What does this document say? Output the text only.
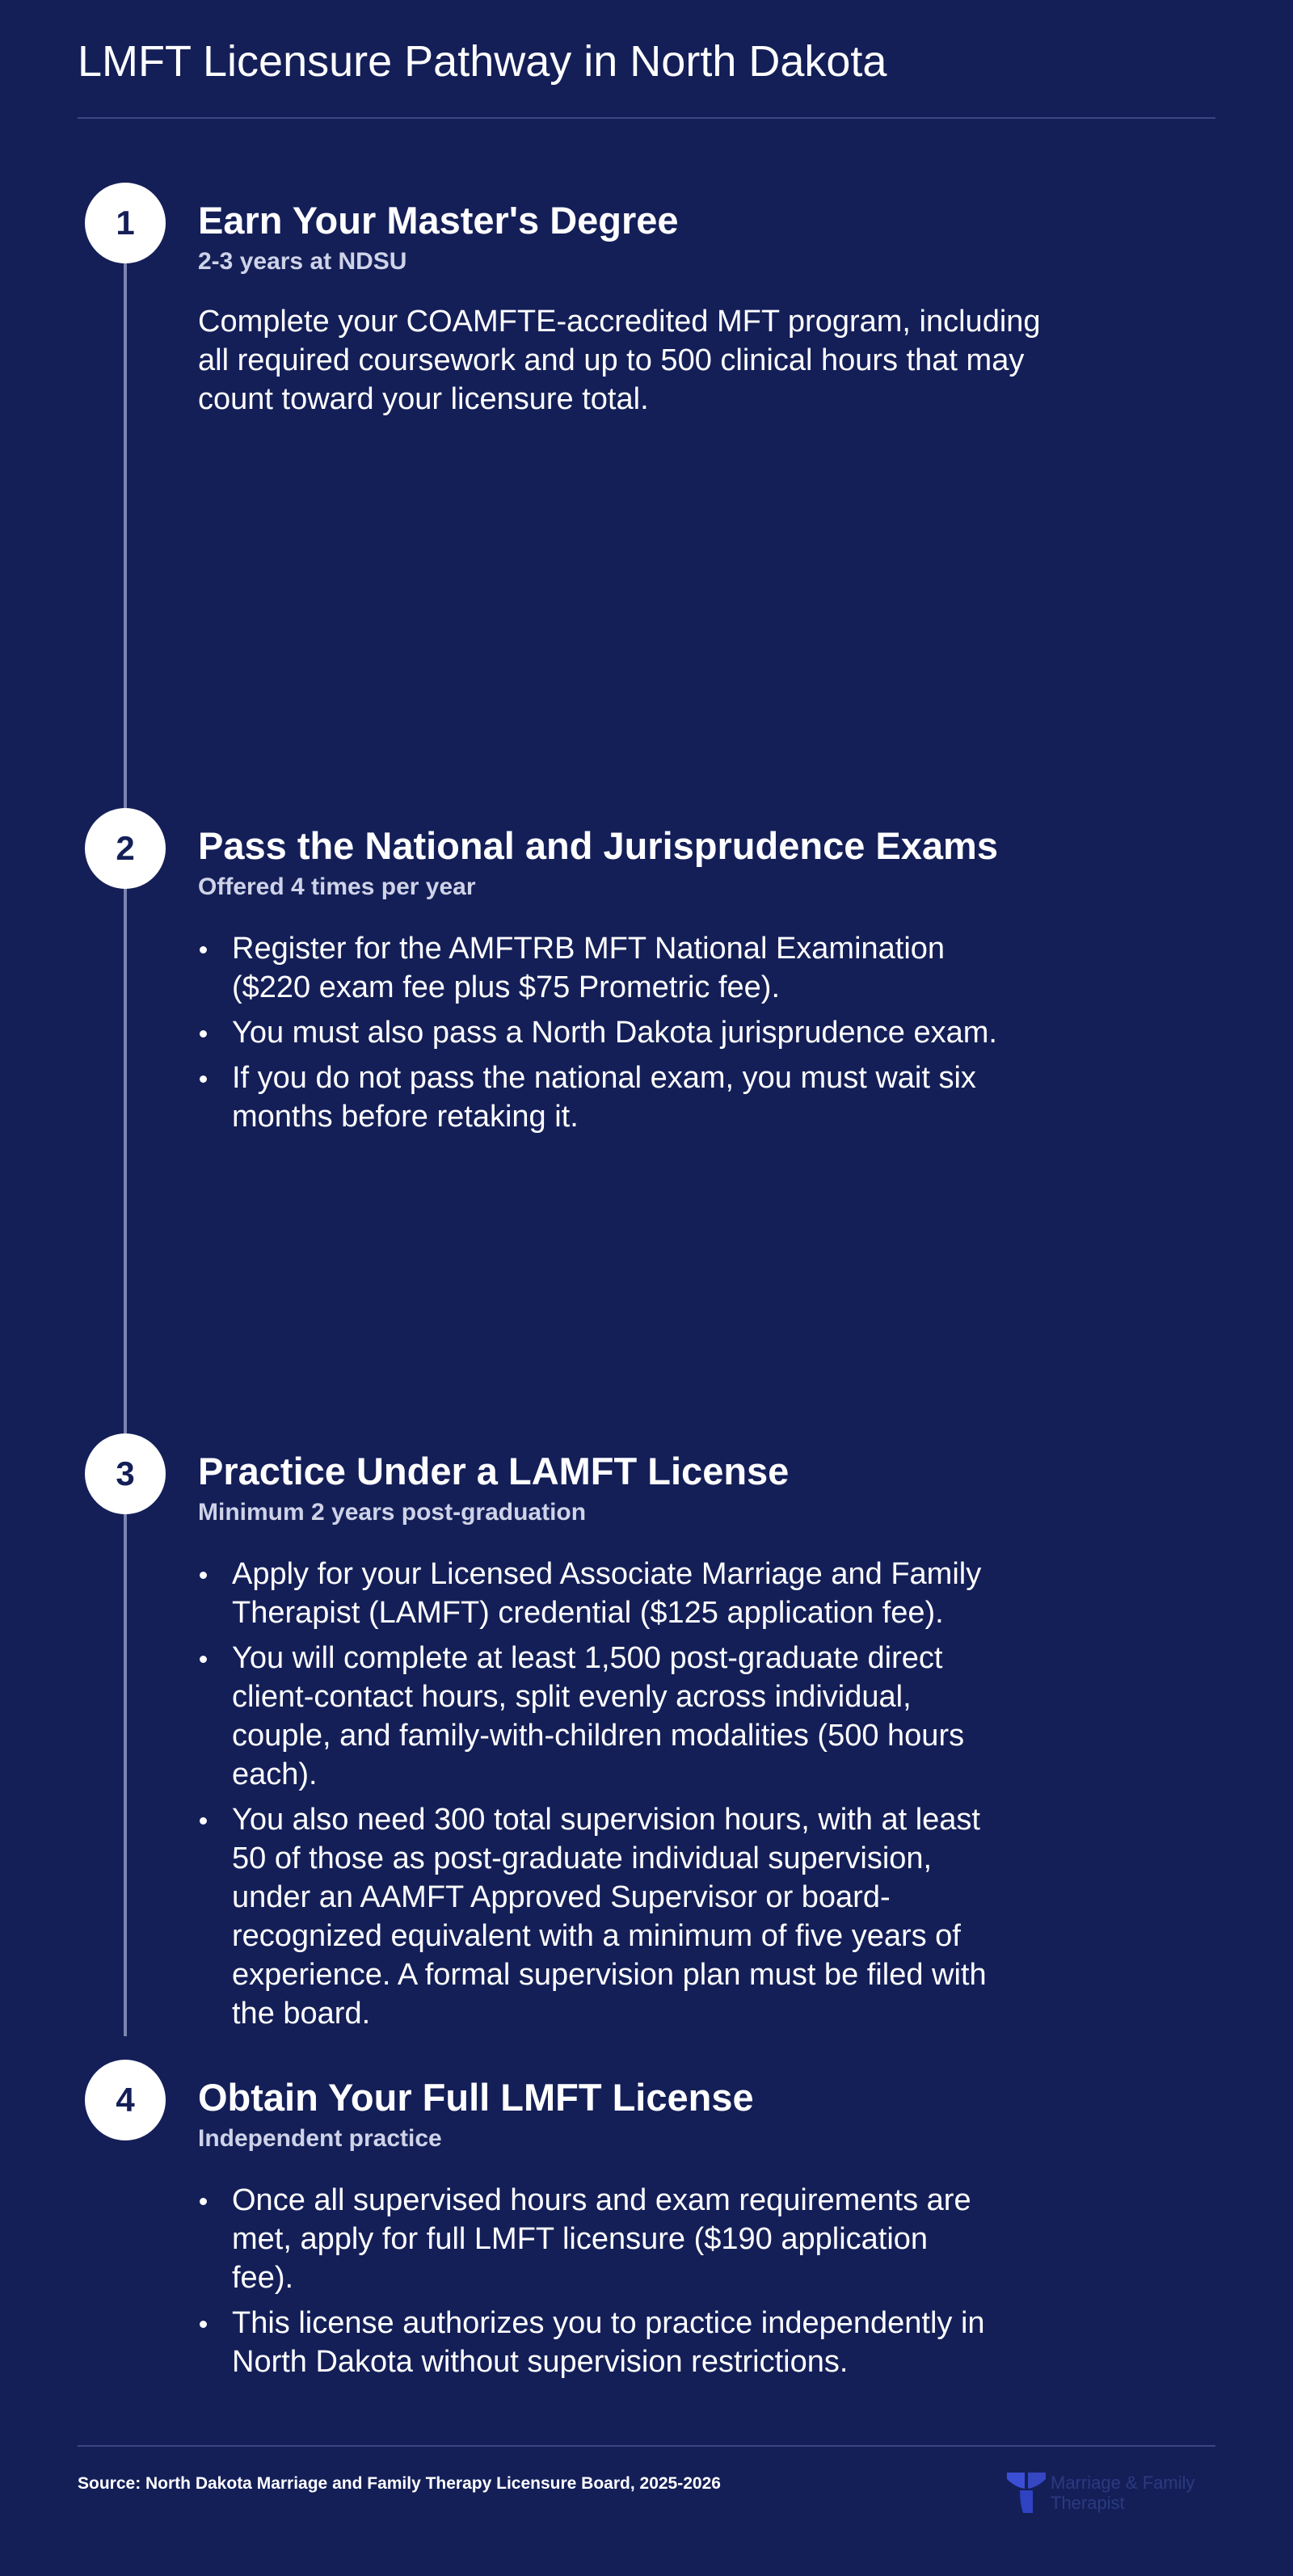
LMFT Licensure Pathway in North Dakota
1	Earn Your Master's Degree

2-3 years at NDSU

Complete your COAMFTE-accredited MFT program, including all required coursework and up to 500 clinical hours that may count toward your licensure total.

2	Pass the National and Jurisprudence Exams

Offered 4 times per year

Register for the AMFTRB MFT National Examination ($220 exam fee plus $75 Prometric fee).
You must also pass a North Dakota jurisprudence exam.
If you do not pass the national exam, you must wait six months before retaking it.
3	Practice Under a LAMFT License

Minimum 2 years post-graduation

Apply for your Licensed Associate Marriage and Family Therapist (LAMFT) credential ($125 application fee).
You will complete at least 1,500 post-graduate direct client-contact hours, split evenly across individual, couple, and family-with-children modalities (500 hours each).
You also need 300 total supervision hours, with at least 50 of those as post-graduate individual supervision, under an AAMFT Approved Supervisor or board-recognized equivalent with a minimum of five years of experience. A formal supervision plan must be filed with the board.
4	Obtain Your Full LMFT License

Independent practice

Once all supervised hours and exam requirements are met, apply for full LMFT licensure ($190 application fee).
This license authorizes you to practice independently in North Dakota without supervision restrictions.

Source: North Dakota Marriage and Family Therapy Licensure Board, 2025-2026	Marriage & Family Therapist
